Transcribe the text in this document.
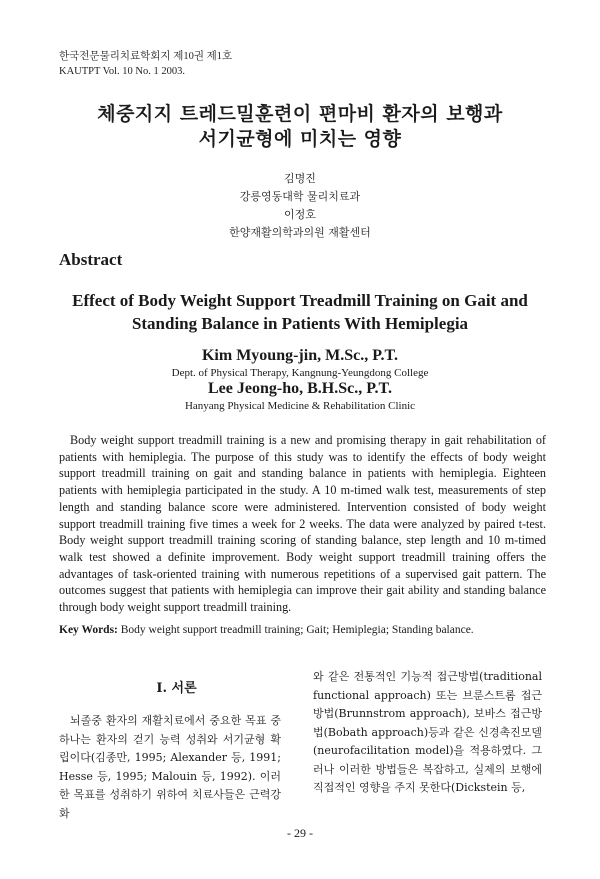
한국전문물리치료학회지 제10권 제1호
KAUTPT Vol. 10 No. 1 2003.
체중지지 트레드밀훈련이 편마비 환자의 보행과
서기균형에 미치는 영향
김명진
강릉영동대학 물리치료과
이정호
한양재활의학과의원 재활센터
Abstract
Effect of Body Weight Support Treadmill Training on Gait and
Standing Balance in Patients With Hemiplegia
Kim Myoung-jin, M.Sc., P.T.
Dept. of Physical Therapy, Kangnung-Yeungdong College
Lee Jeong-ho, B.H.Sc., P.T.
Hanyang Physical Medicine & Rehabilitation Clinic
Body weight support treadmill training is a new and promising therapy in gait rehabilitation of patients with hemiplegia. The purpose of this study was to identify the effects of body weight support treadmill training on gait and standing balance in patients with hemiplegia. Eighteen patients with hemiplegia participated in the study. A 10 m-timed walk test, measurements of step length and standing balance score were administered. Intervention consisted of body weight support treadmill training five times a week for 2 weeks. The data were analyzed by paired t-test. Body weight support treadmill training scoring of standing balance, step length and 10 m-timed walk test showed a definite improvement. Body weight support treadmill training offers the advantages of task-oriented training with numerous repetitions of a supervised gait pattern. The outcomes suggest that patients with hemiplegia can improve their gait ability and standing balance through body weight support treadmill training.
Key Words: Body weight support treadmill training; Gait; Hemiplegia; Standing balance.
Ⅰ. 서론

뇌졸중 환자의 재활치료에서 중요한 목표 중 하나는 환자의 걷기 능력 성취와 서기균형 확립이다(김종만, 1995; Alexander 등, 1991; Hesse 등, 1995; Malouin 등, 1992). 이러한 목표를 성취하기 위하여 치료사들은 근력강화

와 같은 전통적인 기능적 접근방법(traditional functional approach) 또는 브룬스트롬 접근방법(Brunnstrom approach), 보바스 접근방법(Bobath approach)등과 같은 신경촉진모델(neurofacilitation model)을 적용하였다. 그러나 이러한 방법들은 복잡하고, 실제의 보행에 직접적인 영향을 주지 못한다(Dickstein 등,

- 29 -
